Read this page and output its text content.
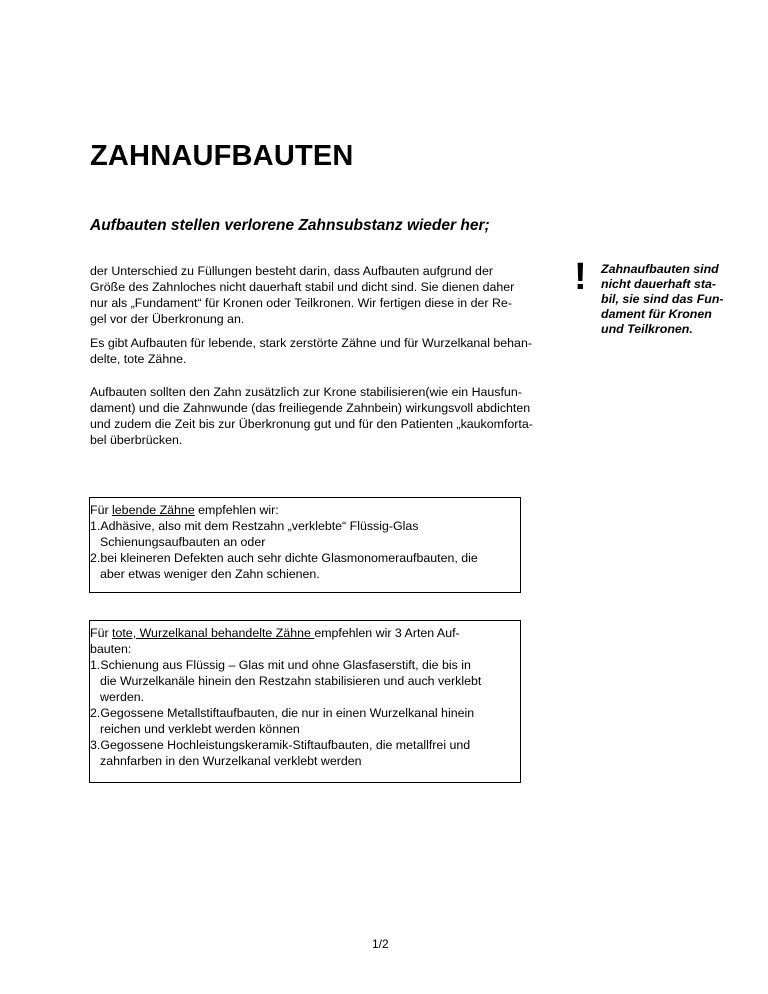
ZAHNAUFBAUTEN
Aufbauten stellen verlorene Zahnsubstanz wieder her;

der Unterschied zu Füllungen besteht darin, dass Aufbauten aufgrund der
Größe des Zahnloches nicht dauerhaft stabil und dicht sind. Sie dienen daher
nur als „Fundament“ für Kronen oder Teilkronen. Wir fertigen diese in der Re-
gel vor der Überkronung an.

Es gibt Aufbauten für lebende, stark zerstörte Zähne und für Wurzelkanal behan-
delte, tote Zähne.

Aufbauten sollten den Zahn zusätzlich zur Krone stabilisieren(wie ein Hausfun-
dament) und die Zahnwunde (das freiliegende Zahnbein) wirkungsvoll abdichten
und zudem die Zeit bis zur Überkronung gut und für den Patienten „kaukomforta-
bel überbrücken.

! Zahnaufbauten sind
nicht dauerhaft sta-
bil, sie sind das Fun-
dament für Kronen
und Teilkronen.
Für lebende Zähne empfehlen wir:
1.Adhäsive, also mit dem Restzahn „verklebte“ Flüssig-Glas
Schienungsaufbauten an oder
2.bei kleineren Defekten auch sehr dichte Glasmonomeraufbauten, die
aber etwas weniger den Zahn schienen.
Für tote, Wurzelkanal behandelte Zähne empfehlen wir 3 Arten Auf-
bauten:
1.Schienung aus Flüssig – Glas mit und ohne Glasfaserstift, die bis in
die Wurzelkanäle hinein den Restzahn stabilisieren und auch verklebt
werden.
2.Gegossene Metallstiftaufbauten, die nur in einen Wurzelkanal hinein
reichen und verklebt werden können
3.Gegossene Hochleistungskeramik-Stiftaufbauten, die metallfrei und
zahnfarben in den Wurzelkanal verklebt werden
1/2
